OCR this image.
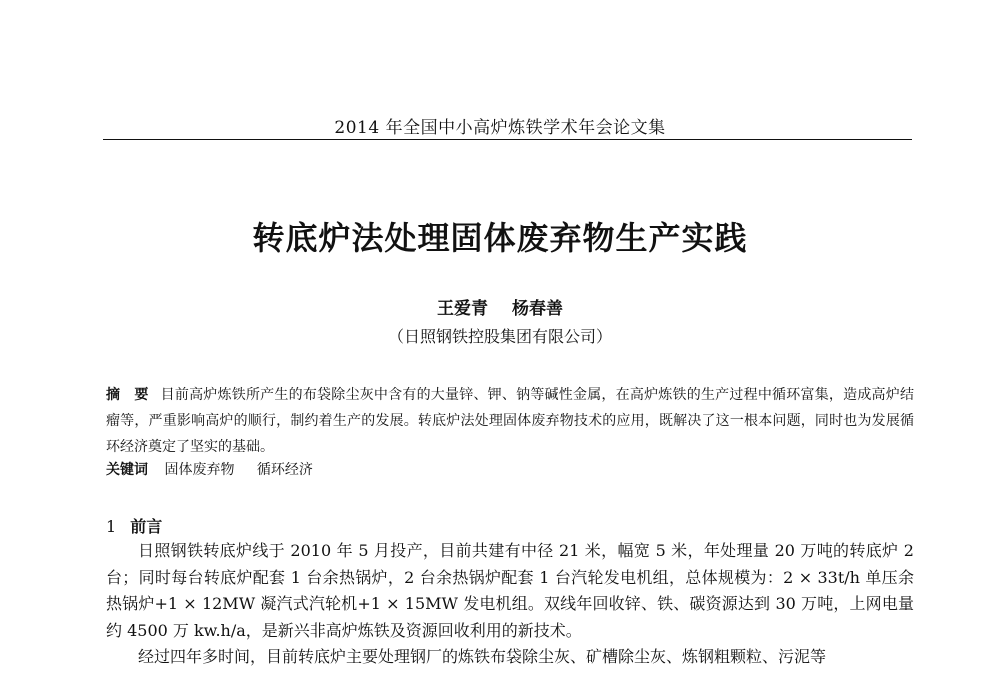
2014 年全国中小高炉炼铁学术年会论文集
转底炉法处理固体废弃物生产实践
王爱青 杨春善
（日照钢铁控股集团有限公司）
摘　要 目前高炉炼铁所产生的布袋除尘灰中含有的大量锌、钾、钠等碱性金属，在高炉炼铁的生产过程中循环富集，造成高炉结瘤等，严重影响高炉的顺行，制约着生产的发展。转底炉法处理固体废弃物技术的应用，既解决了这一根本问题，同时也为发展循环经济奠定了坚实的基础。
关键词 固体废弃物 循环经济
1 前言

日照钢铁转底炉线于 2010 年 5 月投产，目前共建有中径 21 米，幅宽 5 米，年处理量 20 万吨的转底炉 2 台；同时每台转底炉配套 1 台余热锅炉，2 台余热锅炉配套 1 台汽轮发电机组，总体规模为：2 × 33t/h 单压余热锅炉+1 × 12MW 凝汽式汽轮机+1 × 15MW 发电机组。双线年回收锌、铁、碳资源达到 30 万吨，上网电量约 4500 万 kw.h/a，是新兴非高炉炼铁及资源回收利用的新技术。

经过四年多时间，目前转底炉主要处理钢厂的炼铁布袋除尘灰、矿槽除尘灰、炼钢粗颗粒、污泥等
